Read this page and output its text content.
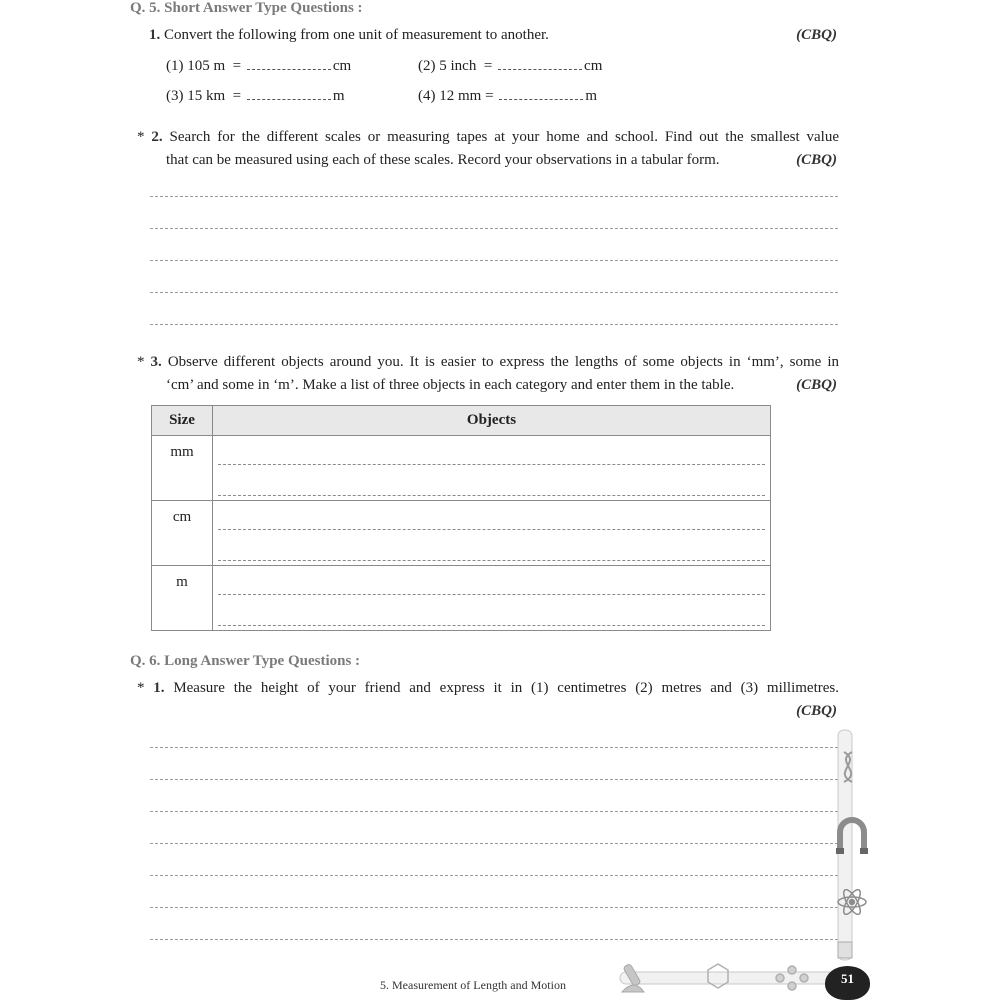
Q. 5. Short Answer Type Questions :
1. Convert the following from one unit of measurement to another.	(CBQ)
(1) 105 m =	cm	(2) 5 inch =	cm
(3) 15 km =	m	(4) 12 mm =	m
* 2. Search for the different scales or measuring tapes at your home and school. Find out the smallest value
that can be measured using each of these scales. Record your observations in a tabular form.	(CBQ)
* 3. Observe different objects around you. It is easier to express the lengths of some objects in ‘mm’, some in
‘cm’ and some in ‘m’. Make a list of three objects in each category and enter them in the table.	(CBQ)
Size	Objects
mm	

cm	

m	
Q. 6. Long Answer Type Questions :
* 1. Measure the height of your friend and express it in (1) centimetres (2) metres and (3) millimetres.
(CBQ)
51
5. Measurement of Length and Motion
